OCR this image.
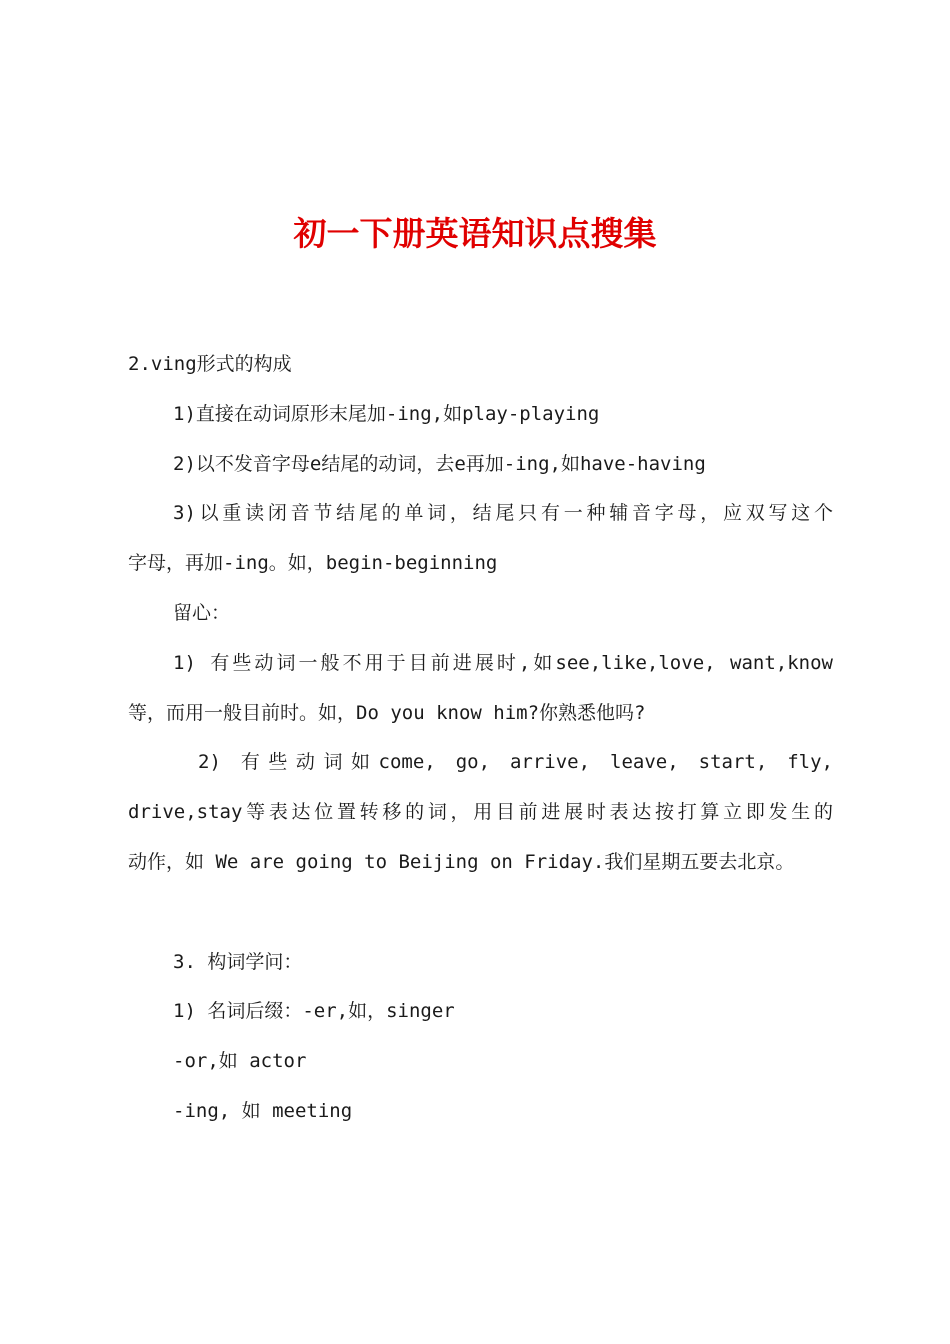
初一下册英语知识点搜集

2.ving形式的构成

1)直接在动词原形末尾加-ing,如play-playing

2)以不发音字母e结尾的动词，去e再加-ing,如have-having

3)以重读闭音节结尾的单词，结尾只有一种辅音字母，应双写这个

字母，再加-ing。如，begin-beginning

留心：

1) 有些动词一般不用于目前进展时,如see,like,love, want,know

等，而用一般目前时。如，Do you know him?你熟悉他吗?

2) 有些动词如come, go, arrive, leave, start, fly,

drive,stay等表达位置转移的词，用目前进展时表达按打算立即发生的

动作，如 We are going to Beijing on Friday.我们星期五要去北京。

3. 构词学问：

1) 名词后缀：-er,如，singer

-or,如 actor

-ing, 如 meeting
